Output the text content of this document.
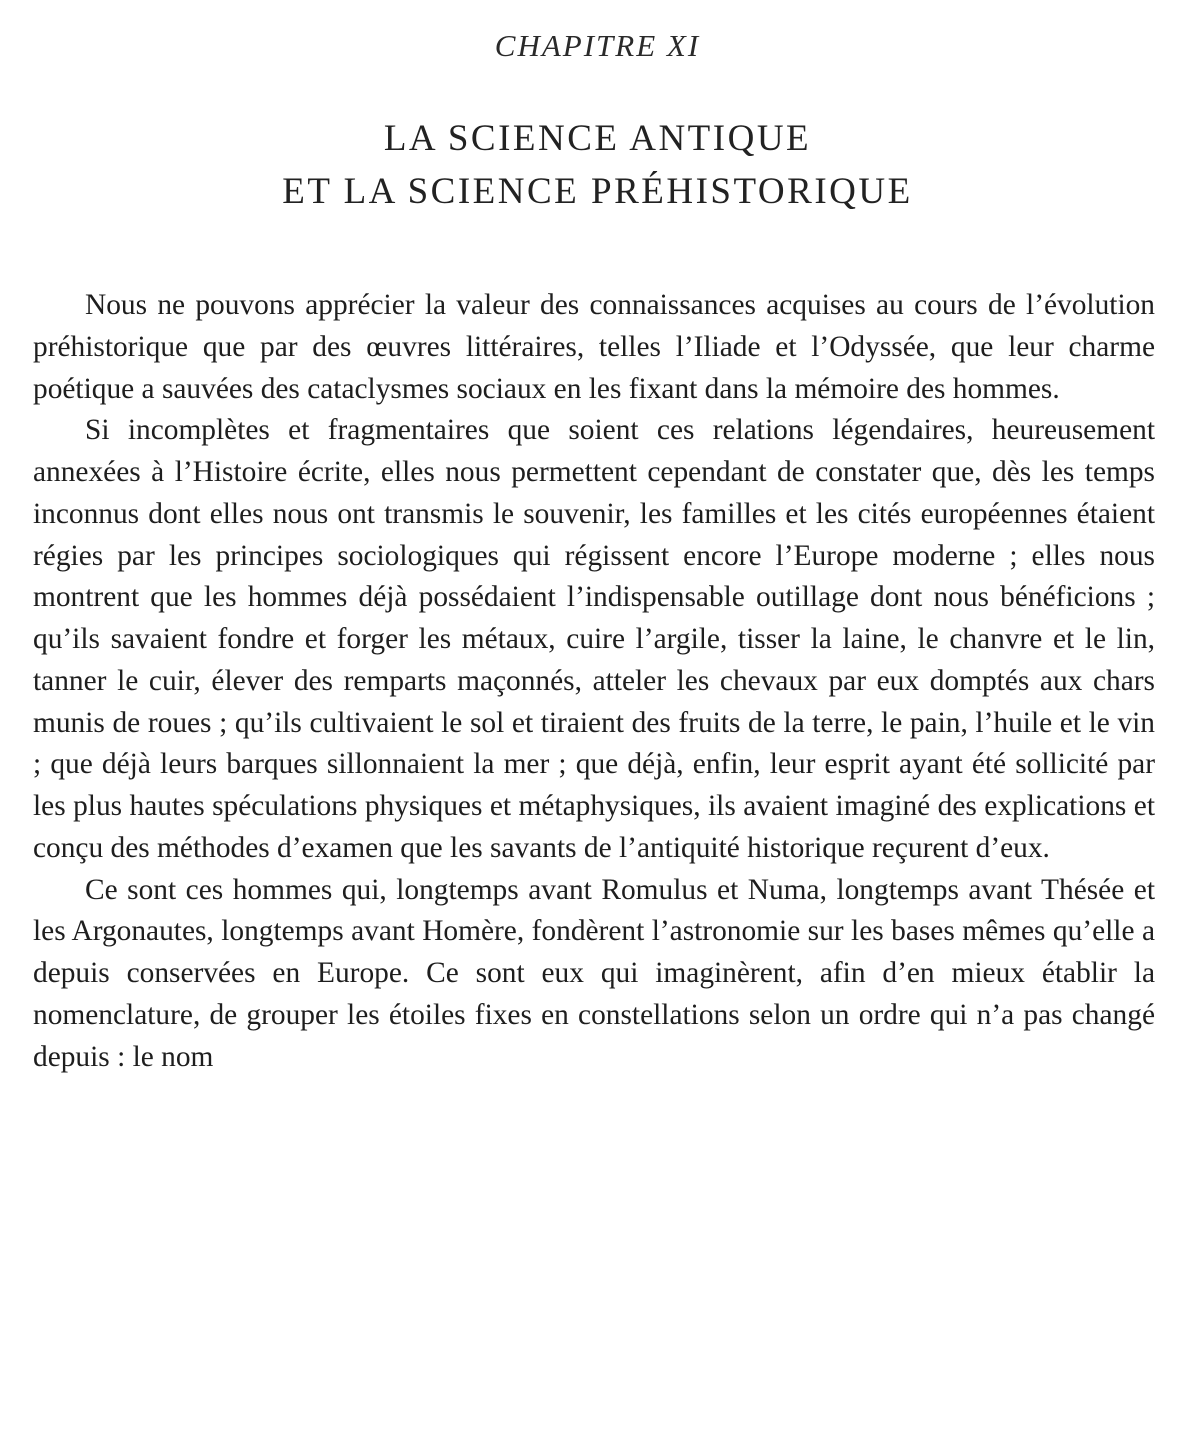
CHAPITRE XI
LA SCIENCE ANTIQUE
ET LA SCIENCE PRÉHISTORIQUE

Nous ne pouvons apprécier la valeur des connaissances acquises au cours de l’évolution préhistorique que par des œuvres littéraires, telles l’Iliade et l’Odyssée, que leur charme poétique a sauvées des cataclysmes sociaux en les fixant dans la mémoire des hommes.

Si incomplètes et fragmentaires que soient ces relations légendaires, heureusement annexées à l’Histoire écrite, elles nous permettent cependant de constater que, dès les temps inconnus dont elles nous ont transmis le souvenir, les familles et les cités européennes étaient régies par les principes sociologiques qui régissent encore l’Europe moderne ; elles nous montrent que les hommes déjà possédaient l’indispensable outillage dont nous bénéficions ; qu’ils savaient fondre et forger les métaux, cuire l’argile, tisser la laine, le chanvre et le lin, tanner le cuir, élever des remparts maçonnés, atteler les chevaux par eux domptés aux chars munis de roues ; qu’ils cultivaient le sol et tiraient des fruits de la terre, le pain, l’huile et le vin ; que déjà leurs barques sillonnaient la mer ; que déjà, enfin, leur esprit ayant été sollicité par les plus hautes spéculations physiques et métaphysiques, ils avaient imaginé des explications et conçu des méthodes d’examen que les savants de l’antiquité historique reçurent d’eux.

Ce sont ces hommes qui, longtemps avant Romulus et Numa, longtemps avant Thésée et les Argonautes, longtemps avant Homère, fondèrent l’astronomie sur les bases mêmes qu’elle a depuis conservées en Europe. Ce sont eux qui imaginèrent, afin d’en mieux établir la nomenclature, de grouper les étoiles fixes en constellations selon un ordre qui n’a pas changé depuis : le nom
